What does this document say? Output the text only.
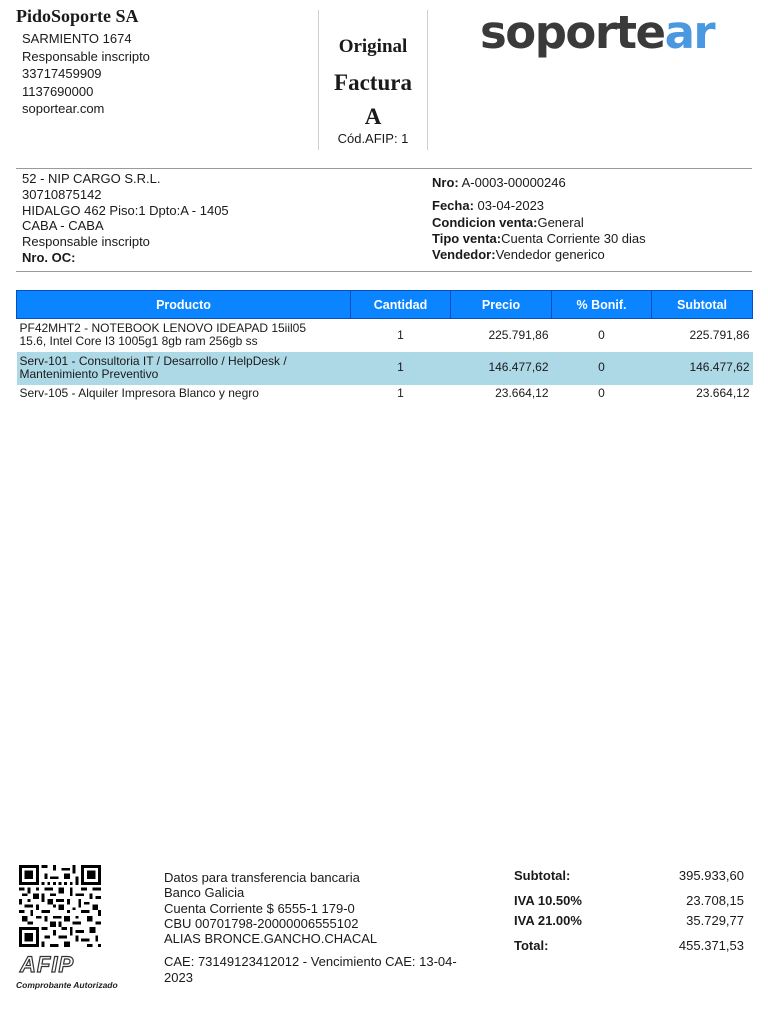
PidoSoporte SA
SARMIENTO 1674
Responsable inscripto
33717459909
1137690000
soportear.com
Original
Factura
A
Cód.AFIP: 1
soportear
52 - NIP CARGO S.R.L.
30710875142
HIDALGO 462 Piso:1 Dpto:A - 1405
CABA - CABA
Responsable inscripto
Nro. OC:
Nro: A-0003-00000246
Fecha: 03-04-2023
Condicion venta:General
Tipo venta:Cuenta Corriente 30 dias
Vendedor:Vendedor generico
Producto	Cantidad	Precio	% Bonif.	Subtotal

PF42MHT2 - NOTEBOOK LENOVO IDEAPAD 15iil05
15.6, Intel Core I3 1005g1 8gb ram 256gb ss	1	225.791,86	0	225.791,86

Serv-101 - Consultoria IT / Desarrollo / HelpDesk /
Mantenimiento Preventivo	1	146.477,62	0	146.477,62

Serv-105 - Alquiler Impresora Blanco y negro	1	23.664,12	0	23.664,12
AFIP
Comprobante Autorizado
Datos para transferencia bancaria
Banco Galicia
Cuenta Corriente $ 6555-1 179-0
CBU 00701798-20000006555102
ALIAS BRONCE.GANCHO.CHACAL
CAE: 73149123412012 - Vencimiento CAE: 13-04-2023
Subtotal:	395.933,60
IVA 10.50%	23.708,15
IVA 21.00%	35.729,77
Total:	455.371,53
